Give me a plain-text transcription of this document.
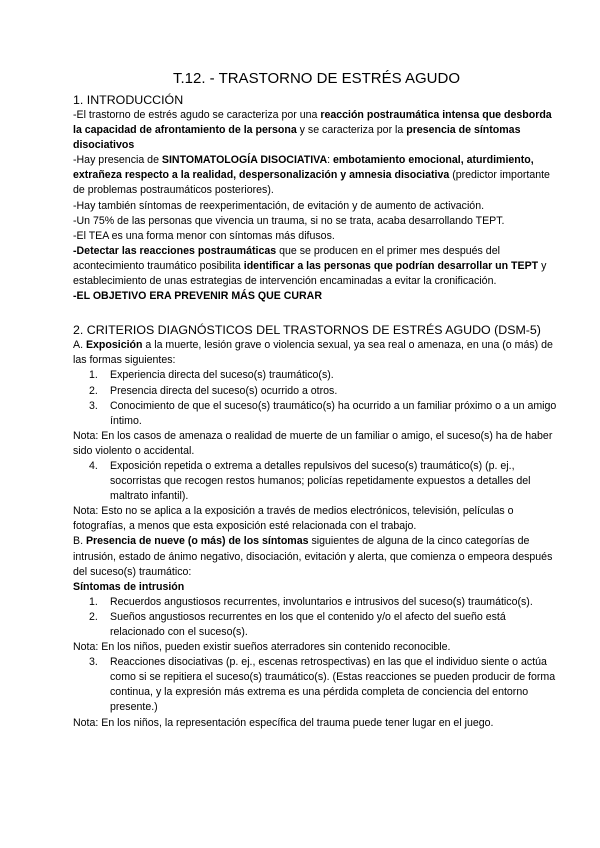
T.12. - TRASTORNO DE ESTRÉS AGUDO
1. INTRODUCCIÓN

-El trastorno de estrés agudo se caracteriza por una reacción postraumática intensa que desborda la capacidad de afrontamiento de la persona y se caracteriza por la presencia de síntomas disociativos

-Hay presencia de SINTOMATOLOGÍA DISOCIATIVA: embotamiento emocional, aturdimiento, extrañeza respecto a la realidad, despersonalización y amnesia disociativa (predictor importante de problemas postraumáticos posteriores).

-Hay también síntomas de reexperimentación, de evitación y de aumento de activación.

-Un 75% de las personas que vivencia un trauma, si no se trata, acaba desarrollando TEPT.

-El TEA es una forma menor con síntomas más difusos.

-Detectar las reacciones postraumáticas que se producen en el primer mes después del acontecimiento traumático posibilita identificar a las personas que podrían desarrollar un TEPT y establecimiento de unas estrategias de intervención encaminadas a evitar la cronificación.

-EL OBJETIVO ERA PREVENIR MÁS QUE CURAR

2. CRITERIOS DIAGNÓSTICOS DEL TRASTORNOS DE ESTRÉS AGUDO (DSM-5)

A. Exposición a la muerte, lesión grave o violencia sexual, ya sea real o amenaza, en una (o más) de las formas siguientes:

1. Experiencia directa del suceso(s) traumático(s).
2. Presencia directa del suceso(s) ocurrido a otros.
3. Conocimiento de que el suceso(s) traumático(s) ha ocurrido a un familiar próximo o a un amigo íntimo.

Nota: En los casos de amenaza o realidad de muerte de un familiar o amigo, el suceso(s) ha de haber sido violento o accidental.

4. Exposición repetida o extrema a detalles repulsivos del suceso(s) traumático(s) (p. ej., socorristas que recogen restos humanos; policías repetidamente expuestos a detalles del maltrato infantil).

Nota: Esto no se aplica a la exposición a través de medios electrónicos, televisión, películas o fotografías, a menos que esta exposición esté relacionada con el trabajo.

B. Presencia de nueve (o más) de los síntomas siguientes de alguna de la cinco categorías de intrusión, estado de ánimo negativo, disociación, evitación y alerta, que comienza o empeora después del suceso(s) traumático:

Síntomas de intrusión

1. Recuerdos angustiosos recurrentes, involuntarios e intrusivos del suceso(s) traumático(s).
2. Sueños angustiosos recurrentes en los que el contenido y/o el afecto del sueño está relacionado con el suceso(s).

Nota: En los niños, pueden existir sueños aterradores sin contenido reconocible.

3. Reacciones disociativas (p. ej., escenas retrospectivas) en las que el individuo siente o actúa como si se repitiera el suceso(s) traumático(s). (Estas reacciones se pueden producir de forma continua, y la expresión más extrema es una pérdida completa de conciencia del entorno presente.)

Nota: En los niños, la representación específica del trauma puede tener lugar en el juego.
